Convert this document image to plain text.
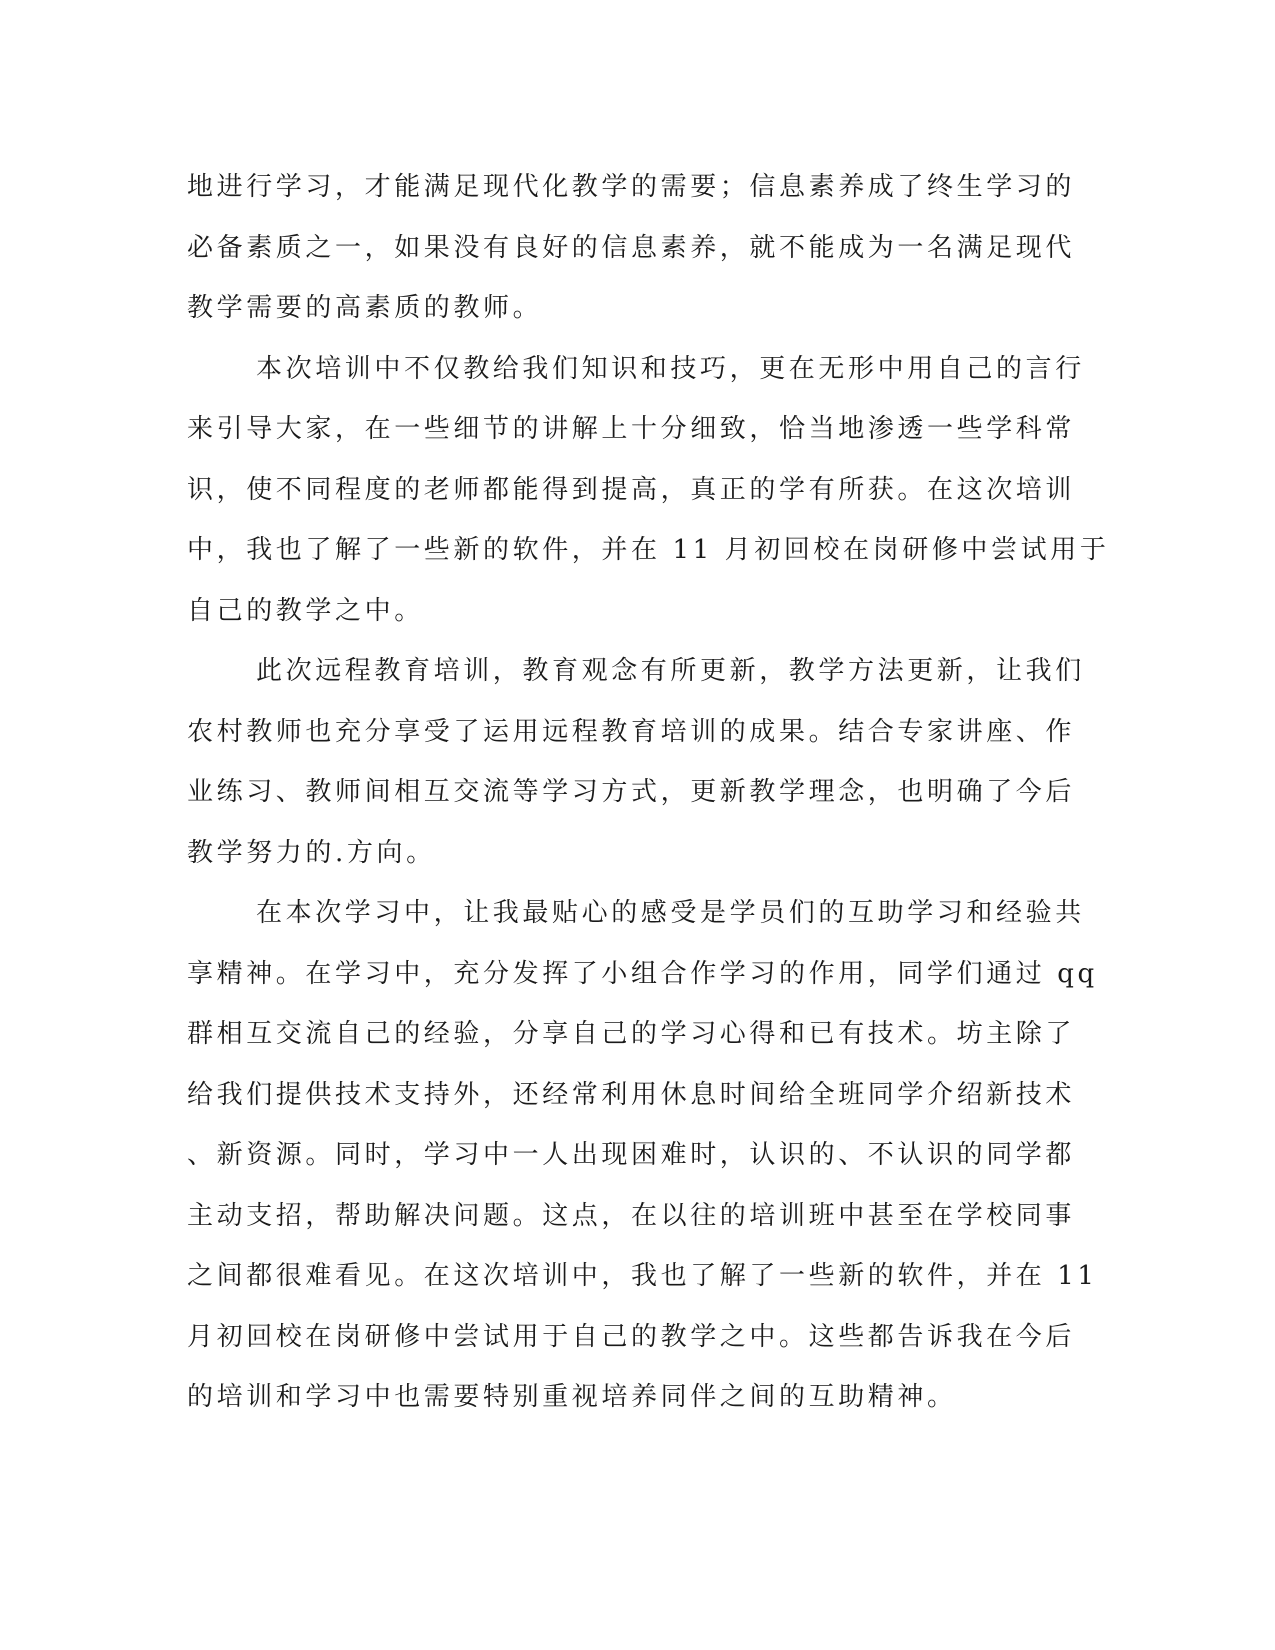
地进行学习，才能满足现代化教学的需要；信息素养成了终生学习的
必备素质之一，如果没有良好的信息素养，就不能成为一名满足现代
教学需要的高素质的教师。
本次培训中不仅教给我们知识和技巧，更在无形中用自己的言行
来引导大家，在一些细节的讲解上十分细致，恰当地渗透一些学科常
识，使不同程度的老师都能得到提高，真正的学有所获。在这次培训
中，我也了解了一些新的软件，并在 11 月初回校在岗研修中尝试用于
自己的教学之中。
此次远程教育培训，教育观念有所更新，教学方法更新，让我们
农村教师也充分享受了运用远程教育培训的成果。结合专家讲座、作
业练习、教师间相互交流等学习方式，更新教学理念，也明确了今后
教学努力的.方向。
在本次学习中，让我最贴心的感受是学员们的互助学习和经验共
享精神。在学习中，充分发挥了小组合作学习的作用，同学们通过 qq
群相互交流自己的经验，分享自己的学习心得和已有技术。坊主除了
给我们提供技术支持外，还经常利用休息时间给全班同学介绍新技术
、新资源。同时，学习中一人出现困难时，认识的、不认识的同学都
主动支招，帮助解决问题。这点，在以往的培训班中甚至在学校同事
之间都很难看见。在这次培训中，我也了解了一些新的软件，并在 11
月初回校在岗研修中尝试用于自己的教学之中。这些都告诉我在今后
的培训和学习中也需要特别重视培养同伴之间的互助精神。
